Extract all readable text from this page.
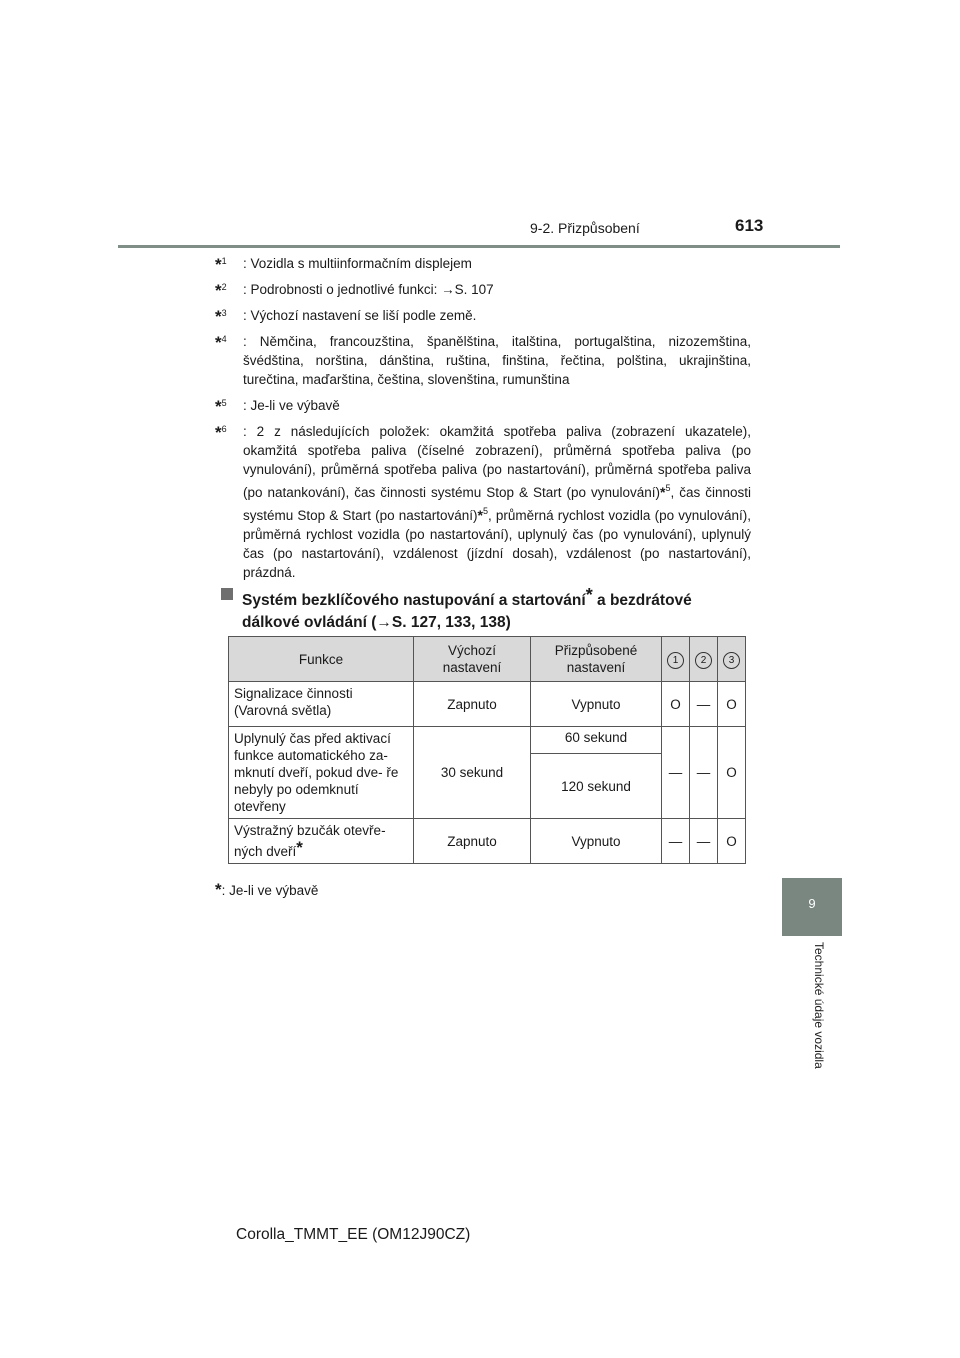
9-2. Přizpůsobení	613
9
Technické údaje vozidla
*$^1$ : Vozidla s multiinformačním displejem
*$^2$ : Podrobnosti o jednotlivé funkci: →S. 107
*$^3$ : Výchozí nastavení se liší podle země.
*$^4$ : Němčina, francouzština, španělština, italština, portugalština, nizozemština, švédština, norština, dánština, ruština, finština, řečtina, polština, ukrajinština, turečtina, maďarština, čeština, slovenština, rumunština
*$^5$ : Je-li ve výbavě
*$^6$ : 2 z následujících položek: okamžitá spotřeba paliva (zobrazení ukazatele), okamžitá spotřeba paliva (číselné zobrazení), průměrná spotřeba paliva (po vynulování), průměrná spotřeba paliva (po nastartování), průměrná spotřeba paliva (po natankování), čas činnosti systému Stop & Start (po vynulování)*$^5$, čas činnosti systému Stop & Start (po nastartování)*$^5$, průměrná rychlost vozidla (po vynulování), průměrná rychlost vozidla (po nastartování), uplynulý čas (po vynulování), uplynulý čas (po nastartování), vzdálenost (jízdní dosah), vzdálenost (po nastartování), prázdná.
Systém bezklíčového nastupování a startování* a bezdrátové dálkové ovládání (→S. 127, 133, 138)
Funkce	Výchozí nastavení	Přizpůsobené nastavení	1	2	3
Signalizace činnosti (Varovná světla)	Zapnuto	Vypnuto	O	—	O
Uplynulý čas před aktivací funkce automatického za- mknutí dveří, pokud dve- ře nebyly po odemknutí otevřeny	30 sekund	60 sekund	—	—	O
		120 sekund			
Výstražný bzučák otevře- ných dveří*	Zapnuto	Vypnuto	—	—	O
*: Je-li ve výbavě
Corolla_TMMT_EE (OM12J90CZ)
